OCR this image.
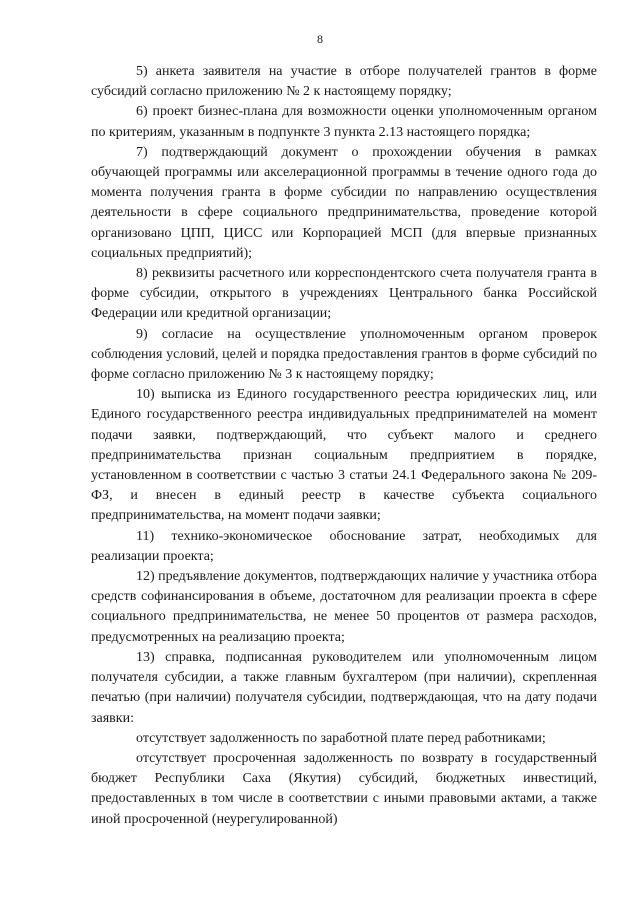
8

5) анкета заявителя на участие в отборе получателей грантов в форме субсидий согласно приложению № 2 к настоящему порядку;

6) проект бизнес-плана для возможности оценки уполномоченным органом по критериям, указанным в подпункте 3 пункта 2.13 настоящего порядка;

7) подтверждающий документ о прохождении обучения в рамках обучающей программы или акселерационной программы в течение одного года до момента получения гранта в форме субсидии по направлению осуществления деятельности в сфере социального предпринимательства, проведение которой организовано ЦПП, ЦИСС или Корпорацией МСП (для впервые признанных социальных предприятий);

8) реквизиты расчетного или корреспондентского счета получателя гранта в форме субсидии, открытого в учреждениях Центрального банка Российской Федерации или кредитной организации;

9) согласие на осуществление уполномоченным органом проверок соблюдения условий, целей и порядка предоставления грантов в форме субсидий по форме согласно приложению № 3 к настоящему порядку;

10) выписка из Единого государственного реестра юридических лиц, или Единого государственного реестра индивидуальных предпринимателей на момент подачи заявки, подтверждающий, что субъект малого и среднего предпринимательства признан социальным предприятием в порядке, установленном в соответствии с частью 3 статьи 24.1 Федерального закона № 209-ФЗ, и внесен в единый реестр в качестве субъекта социального предпринимательства, на момент подачи заявки;

11) технико-экономическое обоснование затрат, необходимых для реализации проекта;

12) предъявление документов, подтверждающих наличие у участника отбора средств софинансирования в объеме, достаточном для реализации проекта в сфере социального предпринимательства, не менее 50 процентов от размера расходов, предусмотренных на реализацию проекта;

13) справка, подписанная руководителем или уполномоченным лицом получателя субсидии, а также главным бухгалтером (при наличии), скрепленная печатью (при наличии) получателя субсидии, подтверждающая, что на дату подачи заявки:

отсутствует задолженность по заработной плате перед работниками;

отсутствует просроченная задолженность по возврату в государственный бюджет Республики Саха (Якутия) субсидий, бюджетных инвестиций, предоставленных в том числе в соответствии с иными правовыми актами, а также иной просроченной (неурегулированной)
